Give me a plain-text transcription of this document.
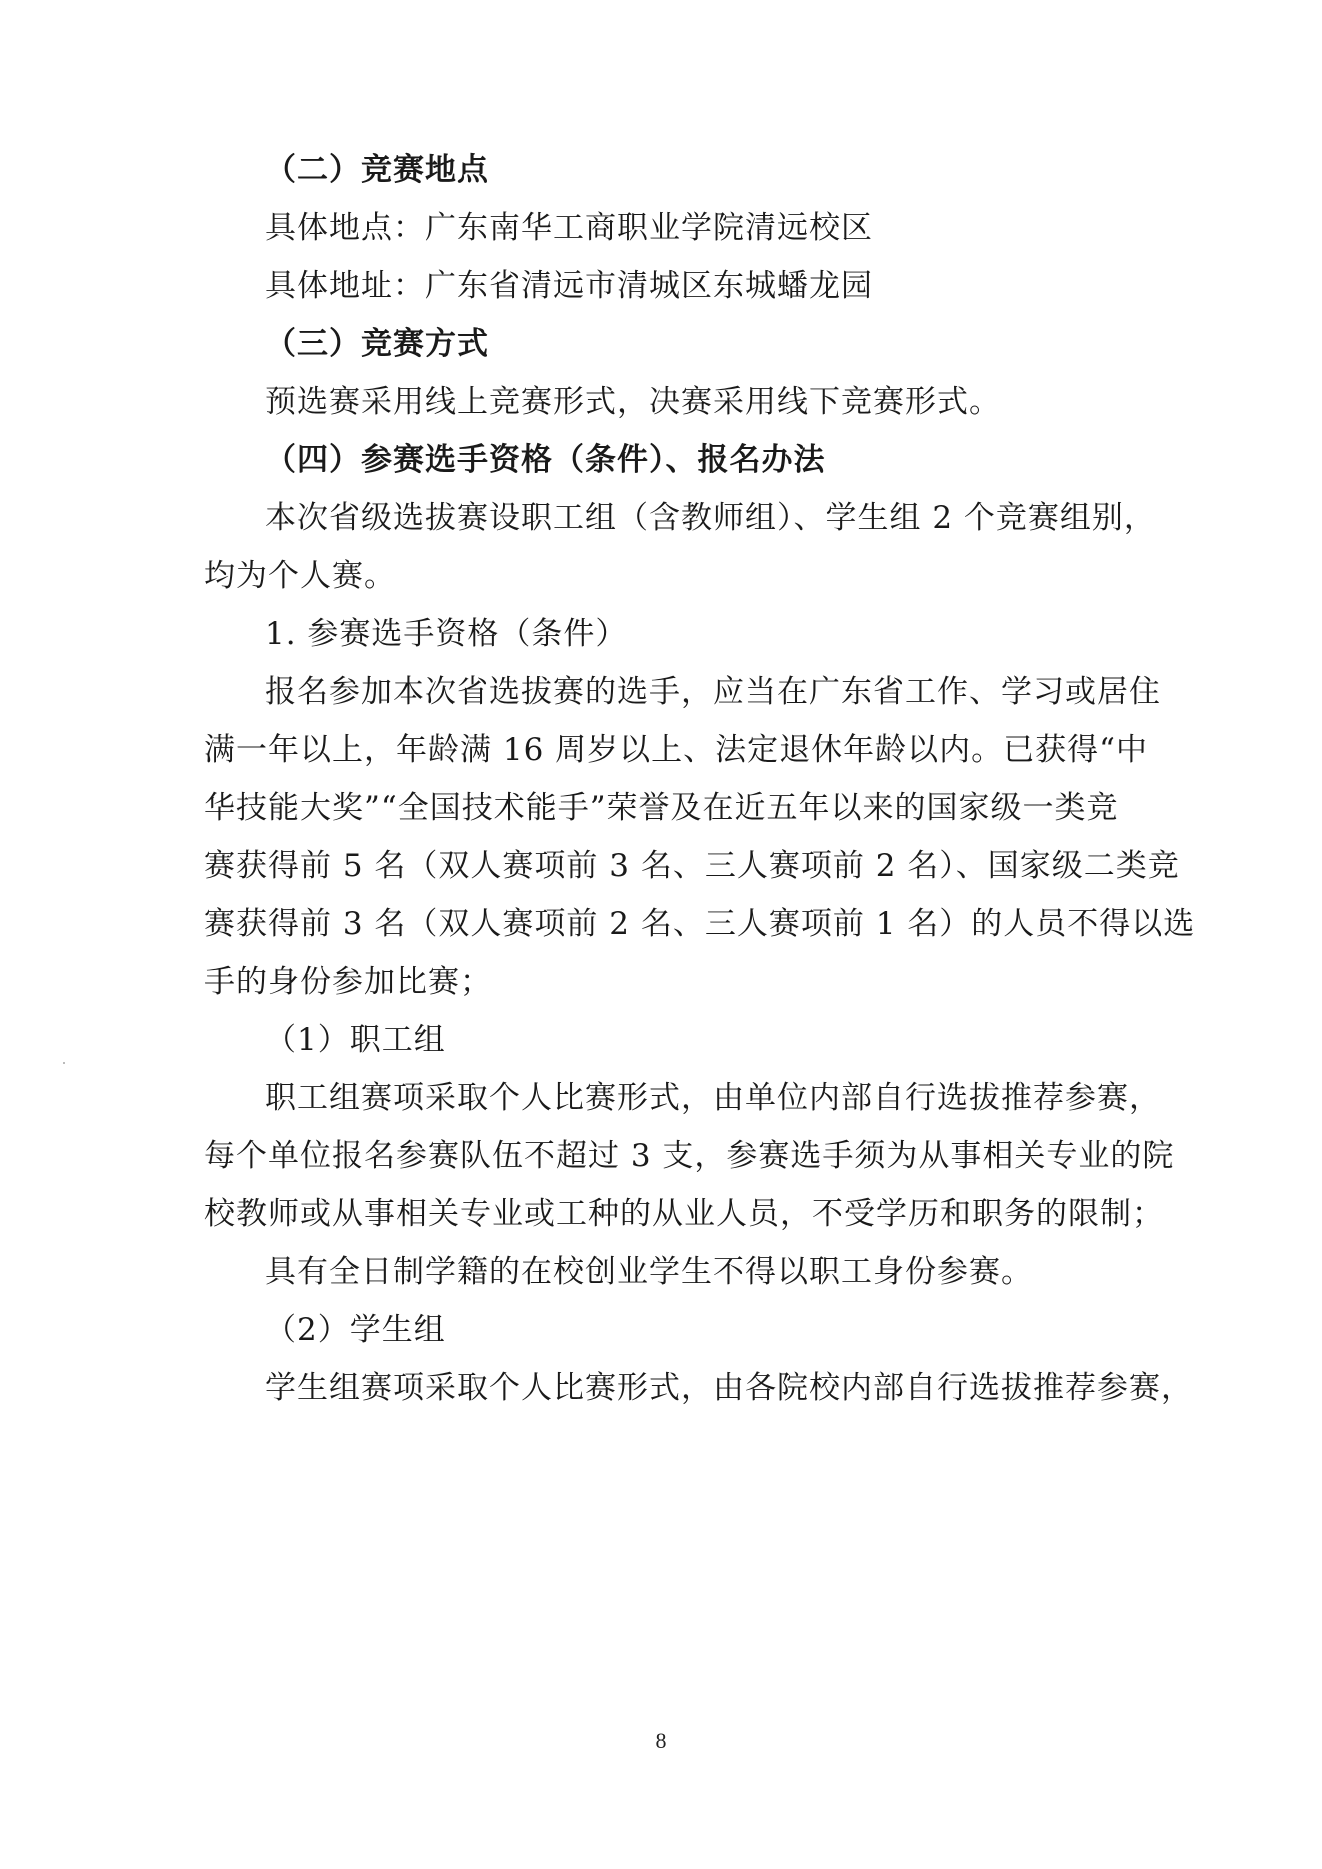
（二）竞赛地点
具体地点：广东南华工商职业学院清远校区
具体地址：广东省清远市清城区东城蟠龙园
（三）竞赛方式
预选赛采用线上竞赛形式，决赛采用线下竞赛形式。
（四）参赛选手资格（条件）、报名办法
本次省级选拔赛设职工组（含教师组）、学生组 2 个竞赛组别，
均为个人赛。
1. 参赛选手资格（条件）
报名参加本次省选拔赛的选手，应当在广东省工作、学习或居住
满一年以上，年龄满 16 周岁以上、法定退休年龄以内。已获得“中
华技能大奖”“全国技术能手”荣誉及在近五年以来的国家级一类竞
赛获得前 5 名（双人赛项前 3 名、三人赛项前 2 名）、国家级二类竞
赛获得前 3 名（双人赛项前 2 名、三人赛项前 1 名）的人员不得以选
手的身份参加比赛；
（1）职工组
职工组赛项采取个人比赛形式，由单位内部自行选拔推荐参赛，
每个单位报名参赛队伍不超过 3 支，参赛选手须为从事相关专业的院
校教师或从事相关专业或工种的从业人员，不受学历和职务的限制；
具有全日制学籍的在校创业学生不得以职工身份参赛。
（2）学生组
学生组赛项采取个人比赛形式，由各院校内部自行选拔推荐参赛，
8
